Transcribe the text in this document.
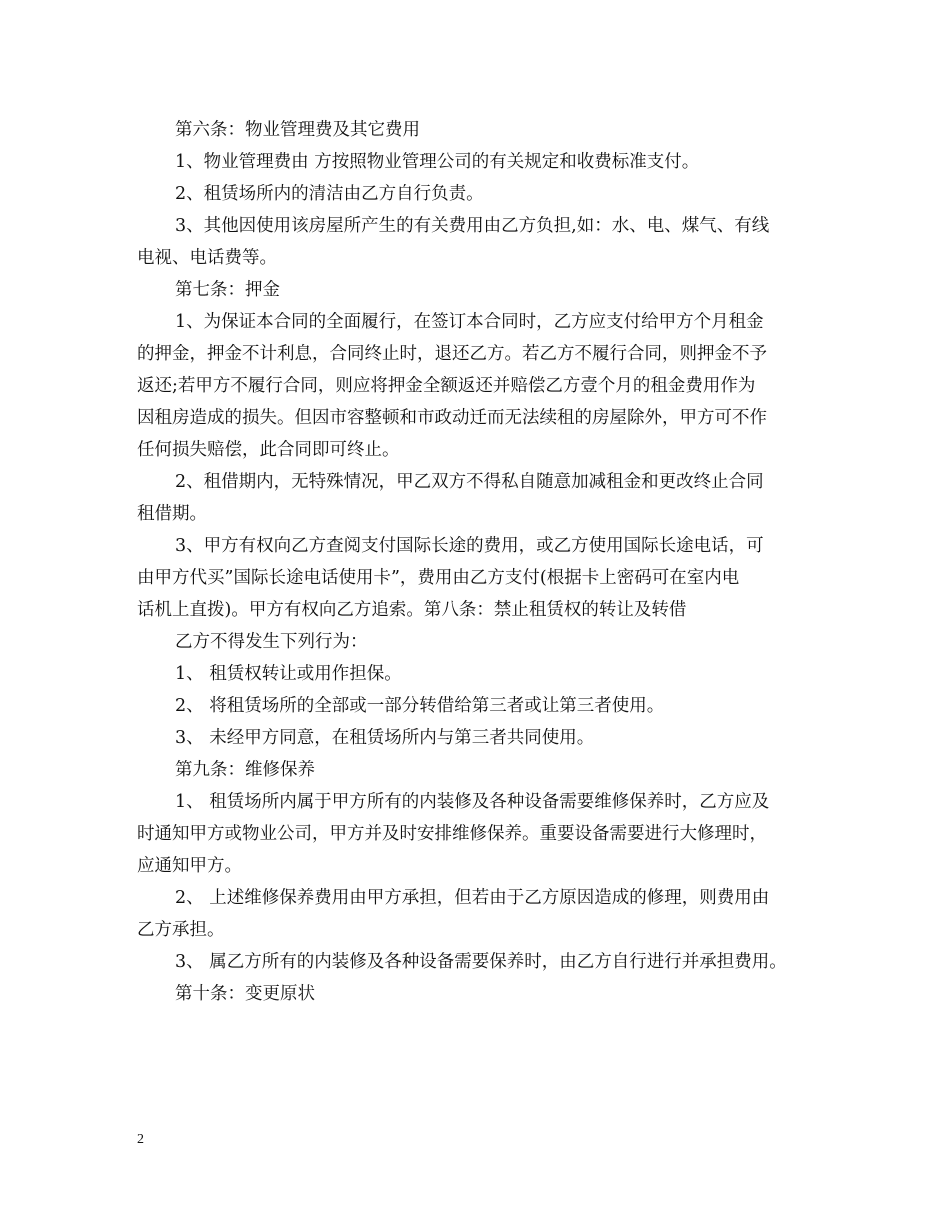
第六条：物业管理费及其它费用
1、物业管理费由 方按照物业管理公司的有关规定和收费标准支付。
2、租赁场所内的清洁由乙方自行负责。
3、其他因使用该房屋所产生的有关费用由乙方负担,如：水、电、煤气、有线
电视、电话费等。
第七条：押金
1、为保证本合同的全面履行，在签订本合同时，乙方应支付给甲方个月租金
的押金，押金不计利息，合同终止时，退还乙方。若乙方不履行合同，则押金不予
返还;若甲方不履行合同，则应将押金全额返还并赔偿乙方壹个月的租金费用作为
因租房造成的损失。但因市容整顿和市政动迁而无法续租的房屋除外，甲方可不作
任何损失赔偿，此合同即可终止。
2、租借期内，无特殊情况，甲乙双方不得私自随意加减租金和更改终止合同
租借期。
3、甲方有权向乙方查阅支付国际长途的费用，或乙方使用国际长途电话，可
由甲方代买”国际长途电话使用卡”，费用由乙方支付(根据卡上密码可在室内电
话机上直拨)。甲方有权向乙方追索。第八条：禁止租赁权的转让及转借
乙方不得发生下列行为：
1、 租赁权转让或用作担保。
2、 将租赁场所的全部或一部分转借给第三者或让第三者使用。
3、 未经甲方同意，在租赁场所内与第三者共同使用。
第九条：维修保养
1、 租赁场所内属于甲方所有的内装修及各种设备需要维修保养时，乙方应及
时通知甲方或物业公司，甲方并及时安排维修保养。重要设备需要进行大修理时，
应通知甲方。
2、 上述维修保养费用由甲方承担，但若由于乙方原因造成的修理，则费用由
乙方承担。
3、 属乙方所有的内装修及各种设备需要保养时，由乙方自行进行并承担费用。
第十条：变更原状
2
